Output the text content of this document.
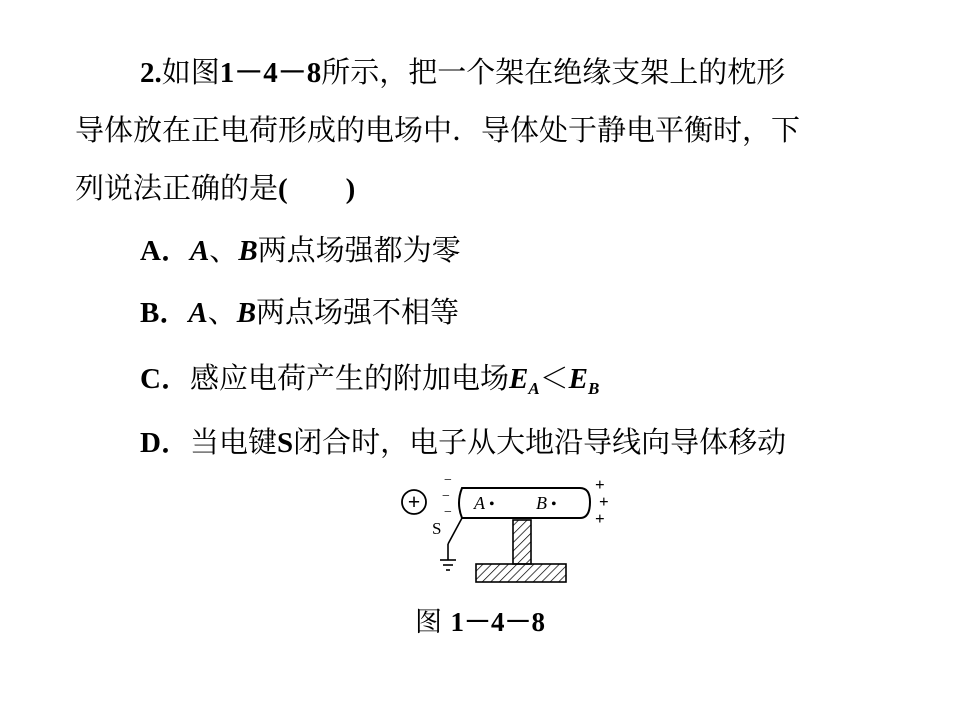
2.如图1－4－8所示，把一个架在绝缘支架上的枕形
导体放在正电荷形成的电场中．导体处于静电平衡时，下
列说法正确的是(　　)
A．A、B两点场强都为零
B．A、B两点场强不相等
C．感应电荷产生的附加电场$E_A<E_B$
D．当电键S闭合时，电子从大地沿导线向导体移动
+	A • B •
−
−
−
+
+
+
S
图 1－4－8
